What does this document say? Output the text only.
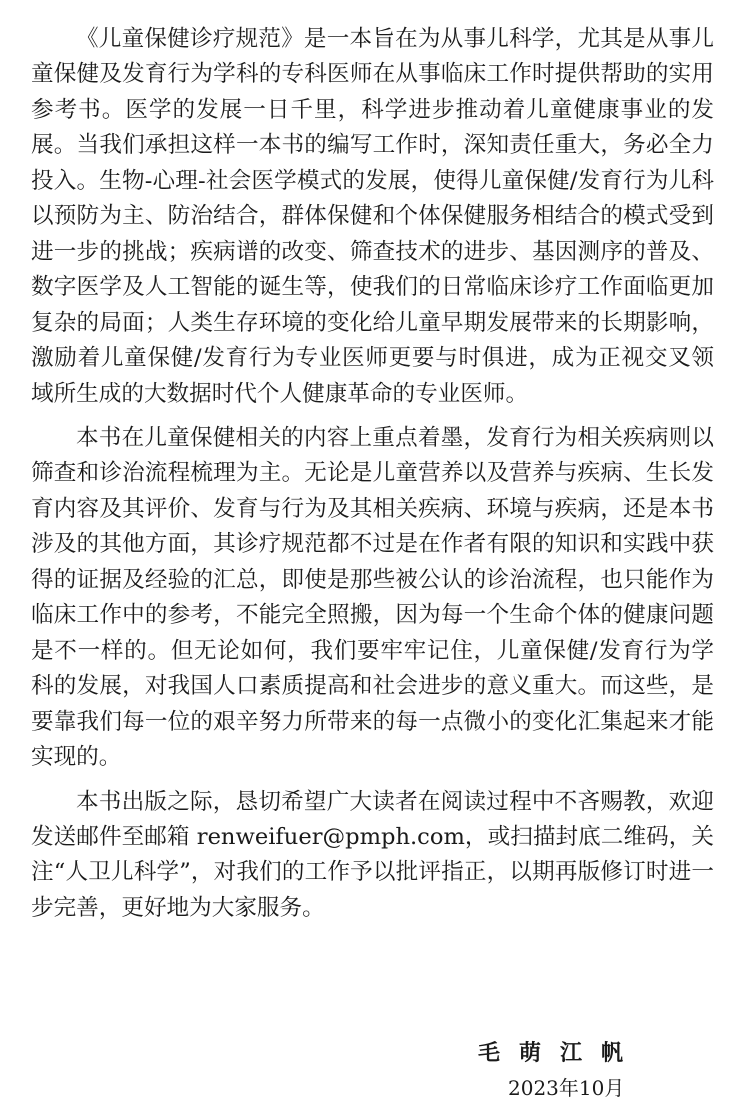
《儿童保健诊疗规范》是一本旨在为从事儿科学，尤其是从事儿童保健及发育行为学科的专科医师在从事临床工作时提供帮助的实用参考书。医学的发展一日千里，科学进步推动着儿童健康事业的发展。当我们承担这样一本书的编写工作时，深知责任重大，务必全力投入。生物-心理-社会医学模式的发展，使得儿童保健/发育行为儿科以预防为主、防治结合，群体保健和个体保健服务相结合的模式受到进一步的挑战；疾病谱的改变、筛查技术的进步、基因测序的普及、数字医学及人工智能的诞生等，使我们的日常临床诊疗工作面临更加复杂的局面；人类生存环境的变化给儿童早期发展带来的长期影响，激励着儿童保健/发育行为专业医师更要与时俱进，成为正视交叉领域所生成的大数据时代个人健康革命的专业医师。

本书在儿童保健相关的内容上重点着墨，发育行为相关疾病则以筛查和诊治流程梳理为主。无论是儿童营养以及营养与疾病、生长发育内容及其评价、发育与行为及其相关疾病、环境与疾病，还是本书涉及的其他方面，其诊疗规范都不过是在作者有限的知识和实践中获得的证据及经验的汇总，即使是那些被公认的诊治流程，也只能作为临床工作中的参考，不能完全照搬，因为每一个生命个体的健康问题是不一样的。但无论如何，我们要牢牢记住，儿童保健/发育行为学科的发展，对我国人口素质提高和社会进步的意义重大。而这些，是要靠我们每一位的艰辛努力所带来的每一点微小的变化汇集起来才能实现的。

本书出版之际，恳切希望广大读者在阅读过程中不吝赐教，欢迎发送邮件至邮箱 renweifuer@pmph.com，或扫描封底二维码，关注“人卫儿科学”，对我们的工作予以批评指正，以期再版修订时进一步完善，更好地为大家服务。

毛萌江帆
2023年10月
